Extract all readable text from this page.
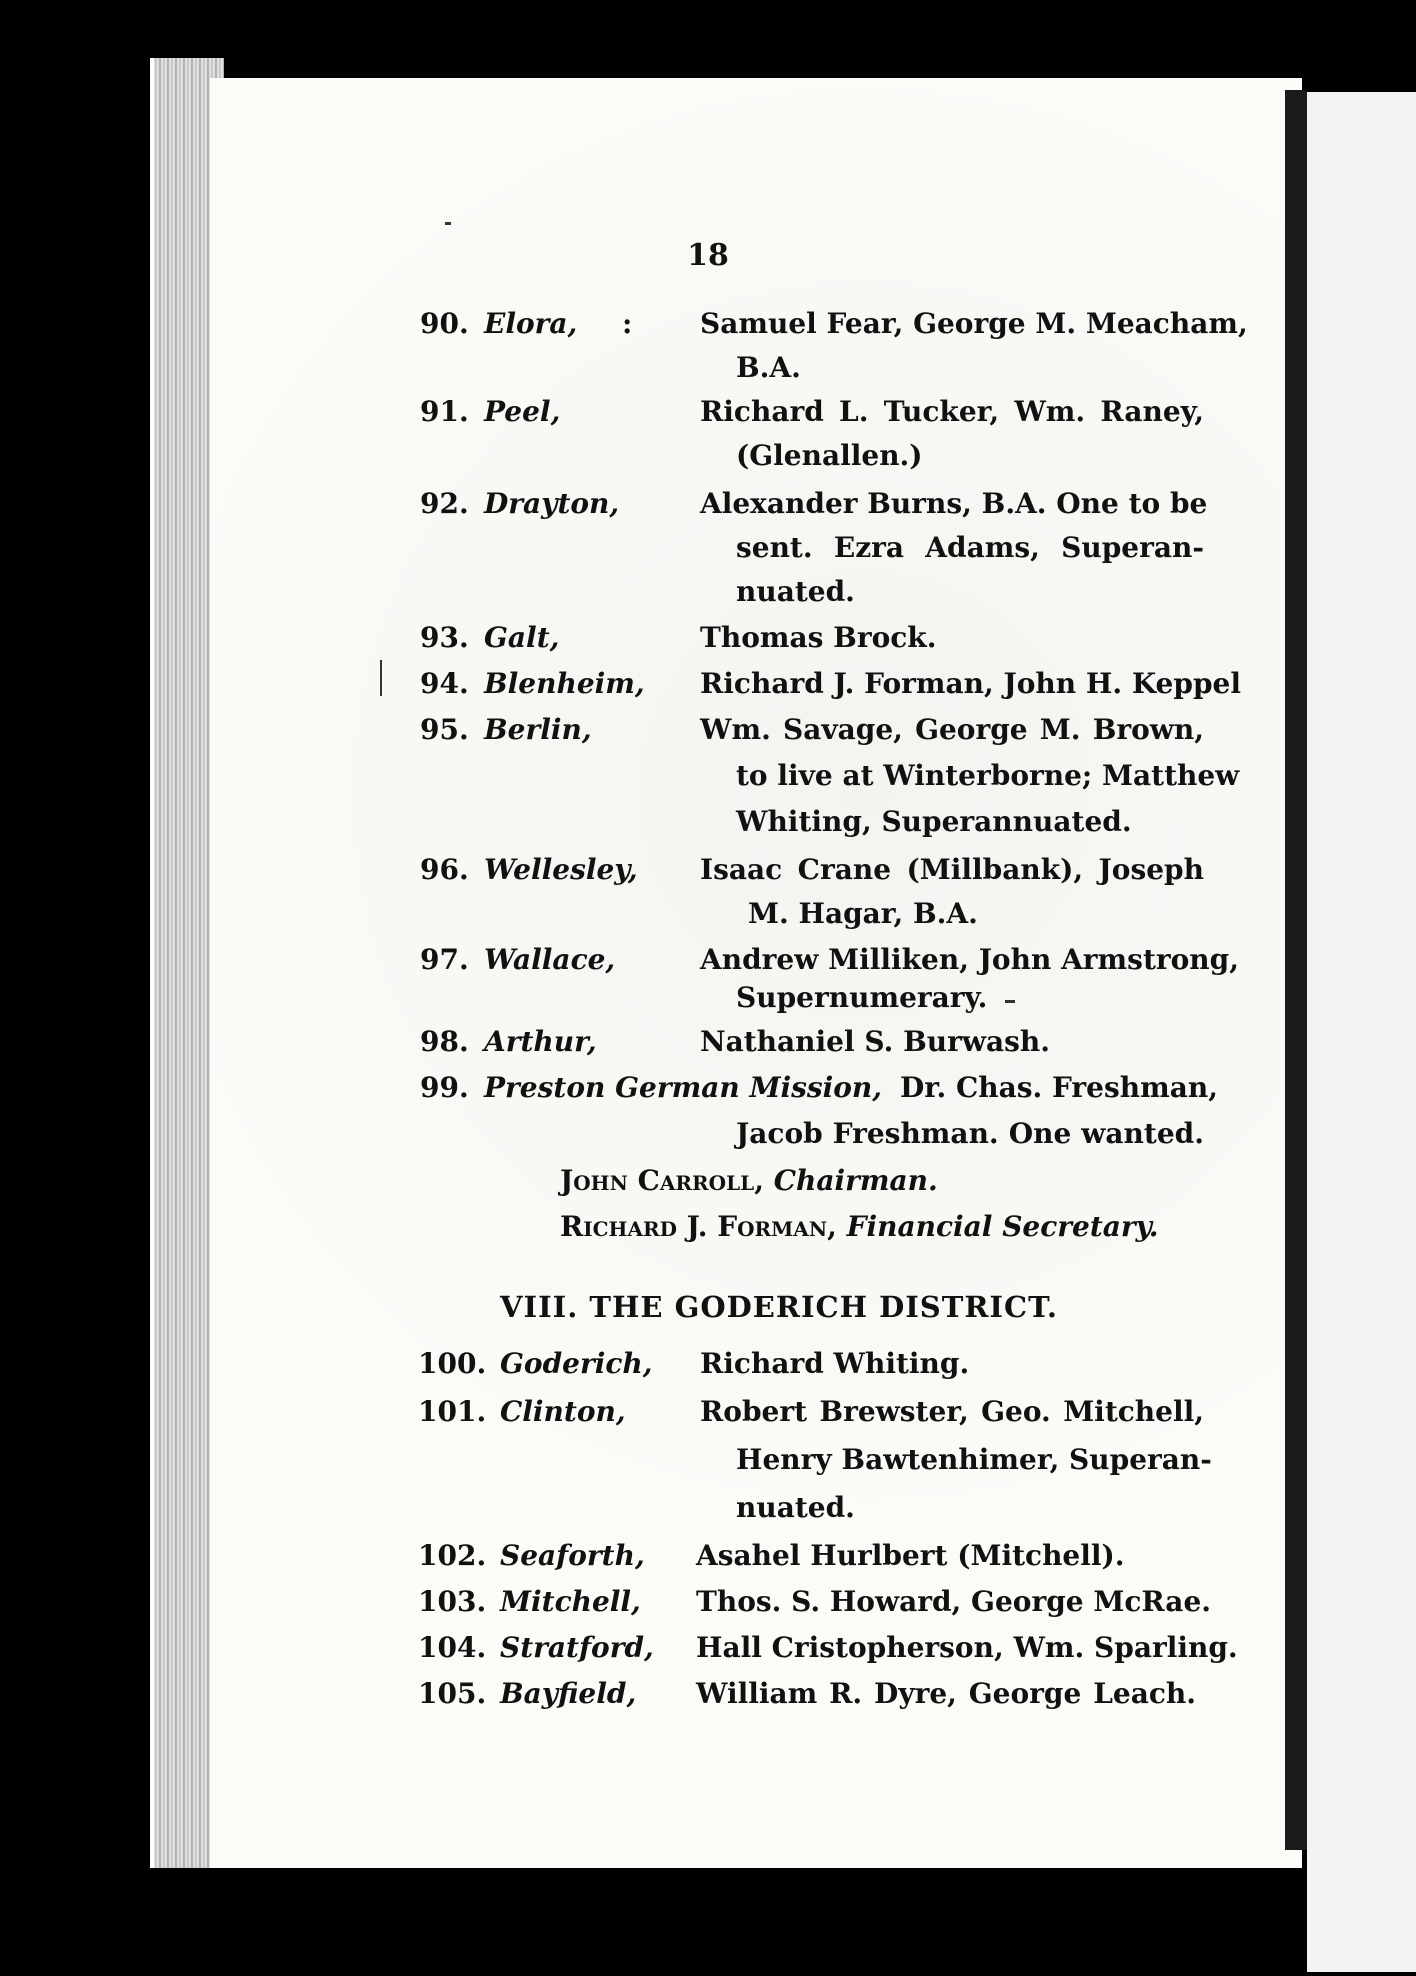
18
90. Elora, : Samuel Fear, George M. Meacham,
B.A.
91. Peel,	Richard L. Tucker, Wm. Raney,
(Glenallen.)
92. Drayton,	Alexander Burns, B.A. One to be
sent. Ezra Adams, Superan-
nuated.
93. Galt,	Thomas Brock.
94. Blenheim, Richard J. Forman, John H. Keppel
95. Berlin,	Wm. Savage, George M. Brown,
to live at Winterborne; Matthew
Whiting, Superannuated.
96. Wellesley, Isaac Crane (Millbank), Joseph
M. Hagar, B.A.
97. Wallace,	Andrew Milliken, John Armstrong,
Supernumerary.
98. Arthur,	Nathaniel S. Burwash.
99. Preston German Mission, Dr. Chas. Freshman,
Jacob Freshman. One wanted.
John Carroll, Chairman.
Richard J. Forman, Financial Secretary.
VIII. THE GODERICH DISTRICT.
100. Goderich, Richard Whiting.
101. Clinton,	Robert Brewster, Geo. Mitchell,
Henry Bawtenhimer, Superan-
nuated.
102. Seaforth, Asahel Hurlbert (Mitchell).
103. Mitchell, Thos. S. Howard, George McRae.
104. Stratford, Hall Cristopherson, Wm. Sparling.
105. Bayfield, William R. Dyre, George Leach.
